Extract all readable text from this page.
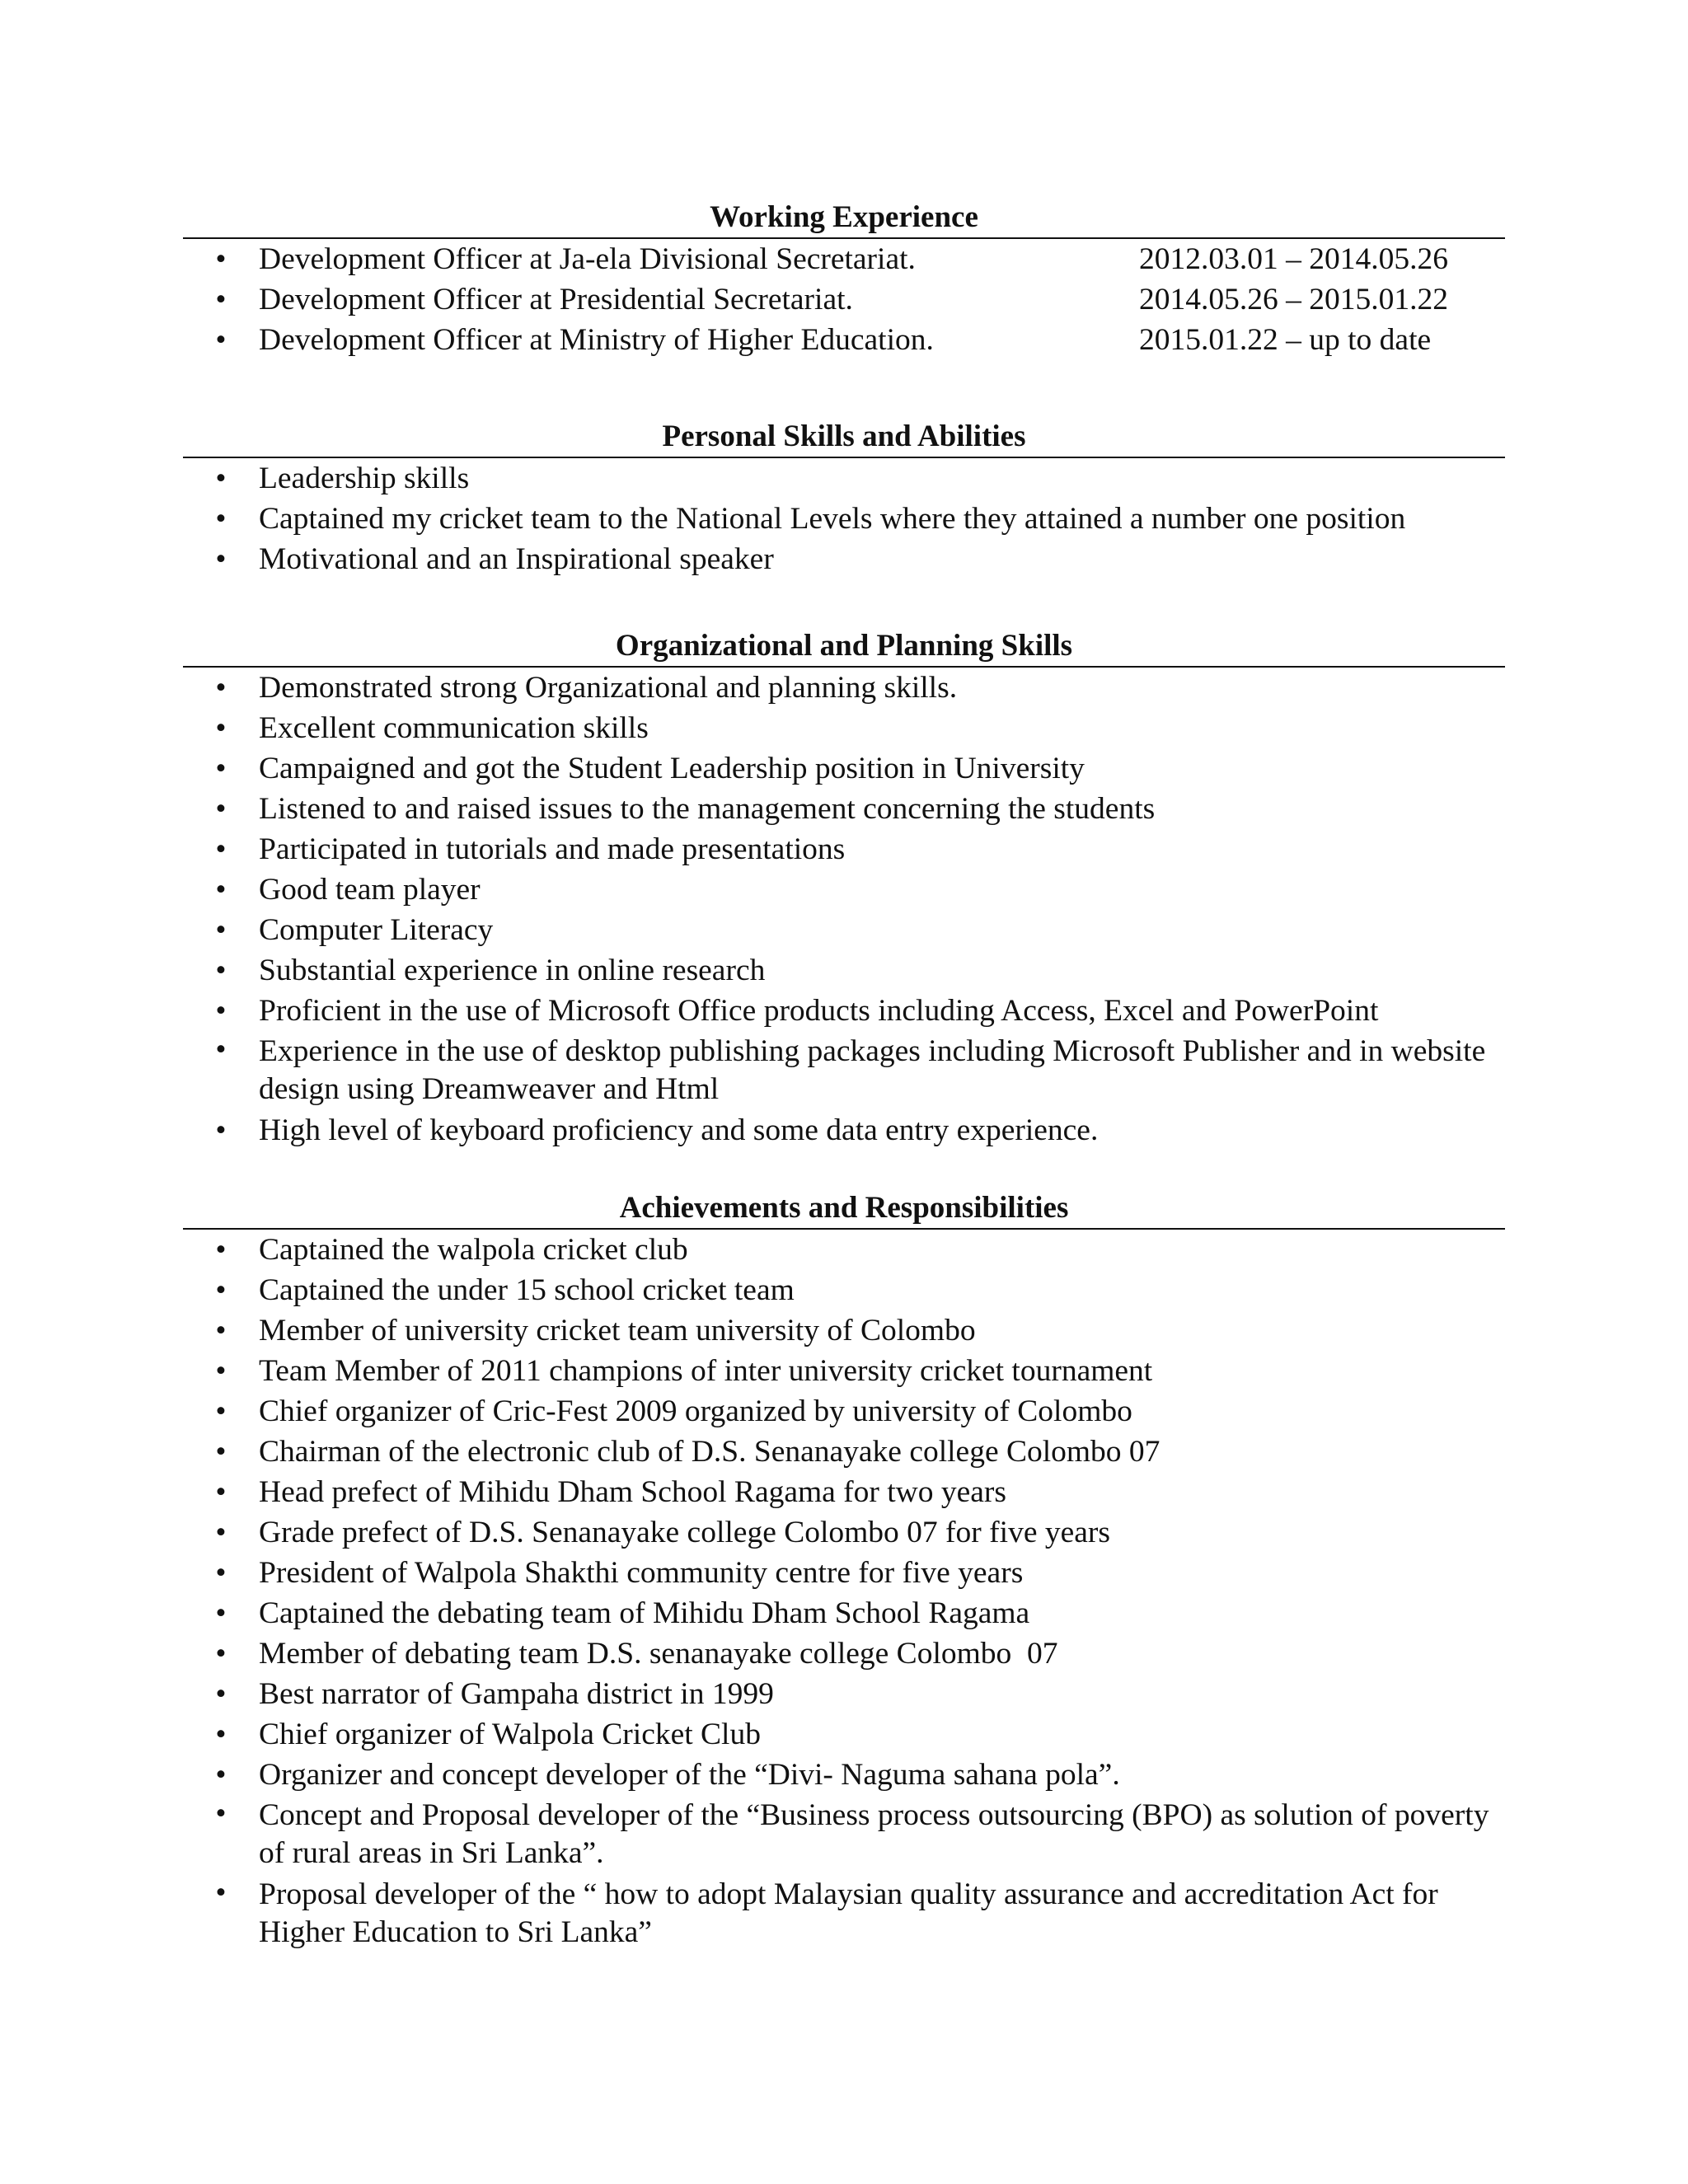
Working Experience
• Development Officer at Ja-ela Divisional Secretariat.	2012.03.01 – 2014.05.26
• Development Officer at Presidential Secretariat.	2014.05.26 – 2015.01.22
• Development Officer at Ministry of Higher Education.	2015.01.22 – up to date
Personal Skills and Abilities
• Leadership skills
• Captained my cricket team to the National Levels where they attained a number one position
• Motivational and an Inspirational speaker
Organizational and Planning Skills
• Demonstrated strong Organizational and planning skills.
• Excellent communication skills
• Campaigned and got the Student Leadership position in University
• Listened to and raised issues to the management concerning the students
• Participated in tutorials and made presentations
• Good team player
• Computer Literacy
• Substantial experience in online research
• Proficient in the use of Microsoft Office products including Access, Excel and PowerPoint
• Experience in the use of desktop publishing packages including Microsoft Publisher and in website design using Dreamweaver and Html
• High level of keyboard proficiency and some data entry experience.
Achievements and Responsibilities
• Captained the walpola cricket club
• Captained the under 15 school cricket team
• Member of university cricket team university of Colombo
• Team Member of 2011 champions of inter university cricket tournament
• Chief organizer of Cric-Fest 2009 organized by university of Colombo
• Chairman of the electronic club of D.S. Senanayake college Colombo 07
• Head prefect of Mihidu Dham School Ragama for two years
• Grade prefect of D.S. Senanayake college Colombo 07 for five years
• President of Walpola Shakthi community centre for five years
• Captained the debating team of Mihidu Dham School Ragama
• Member of debating team D.S. senanayake college Colombo  07
• Best narrator of Gampaha district in 1999
• Chief organizer of Walpola Cricket Club
• Organizer and concept developer of the “Divi- Naguma sahana pola”.
• Concept and Proposal developer of the “Business process outsourcing (BPO) as solution of poverty of rural areas in Sri Lanka”.
• Proposal developer of the “ how to adopt Malaysian quality assurance and accreditation Act for Higher Education to Sri Lanka”
